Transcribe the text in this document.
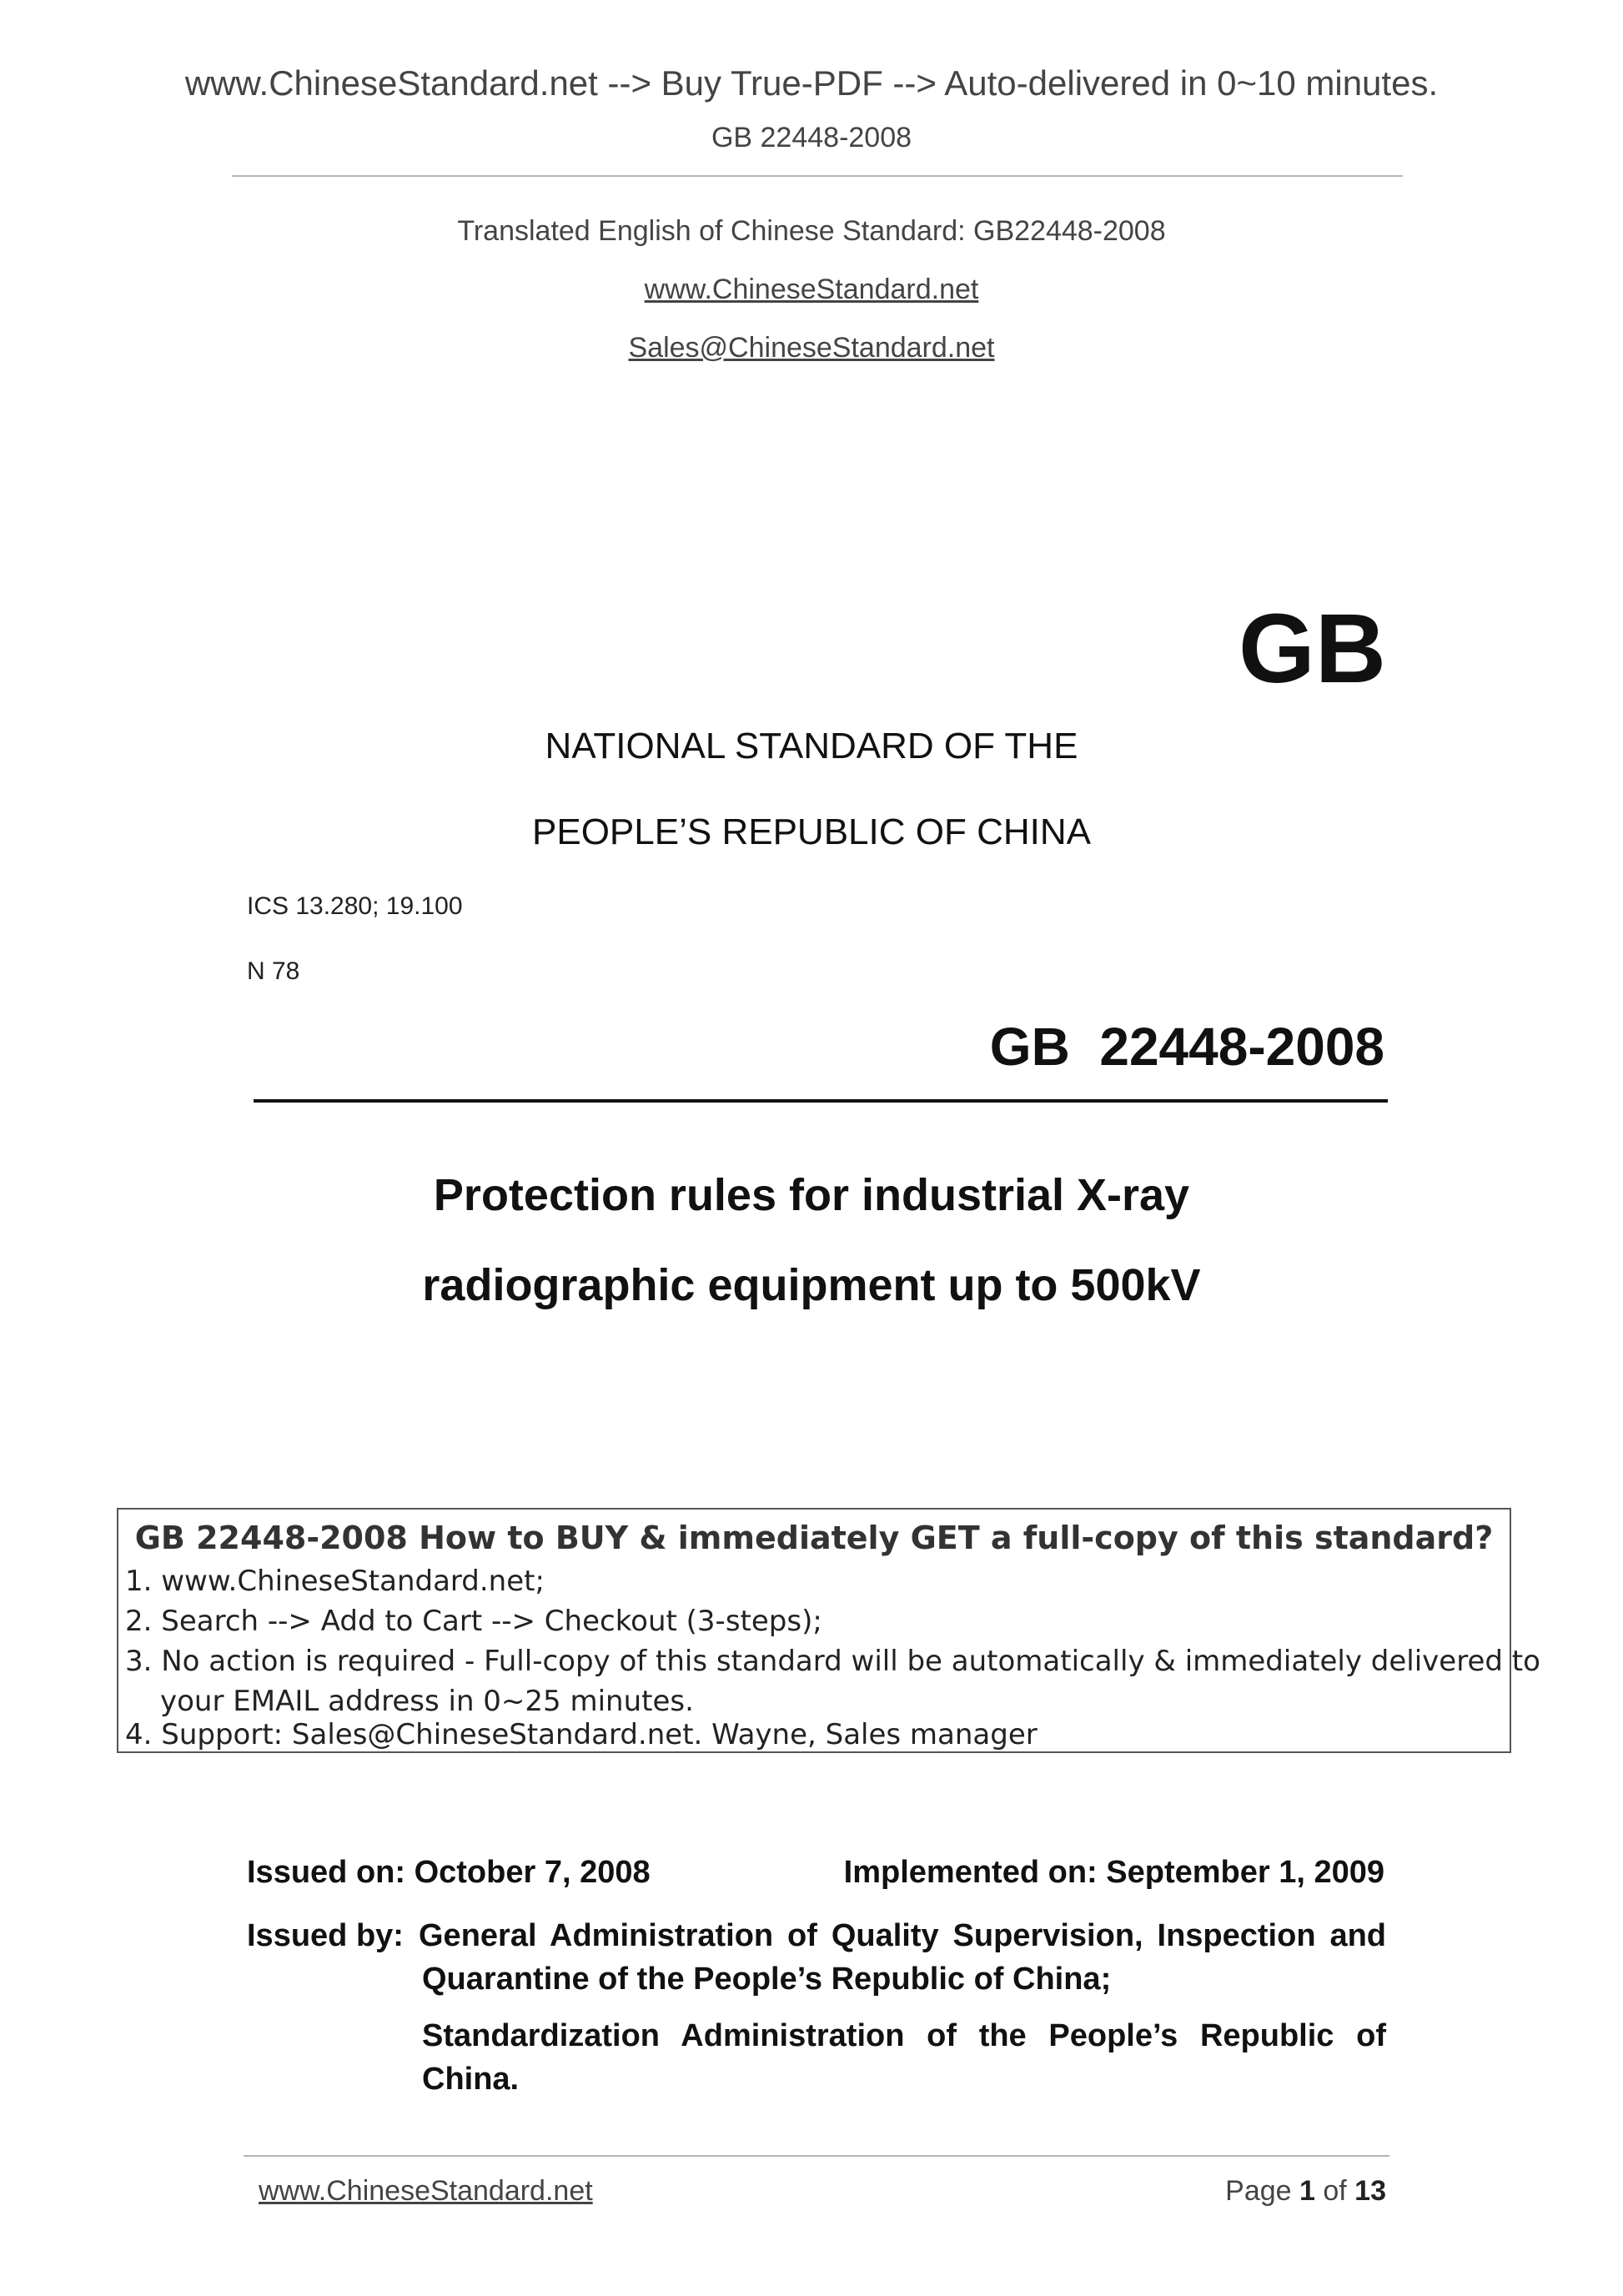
www.ChineseStandard.net --> Buy True-PDF --> Auto-delivered in 0~10 minutes.
GB 22448-2008
Translated English of Chinese Standard: GB22448-2008
www.ChineseStandard.net
Sales@ChineseStandard.net
GB
NATIONAL STANDARD OF THE
PEOPLE’S REPUBLIC OF CHINA
ICS 13.280; 19.100
N 78
GB  22448-2008
Protection rules for industrial X-ray
radiographic equipment up to 500kV
GB 22448-2008 How to BUY & immediately GET a full-copy of this standard?
1. www.ChineseStandard.net;
2. Search --> Add to Cart --> Checkout (3-steps);
3. No action is required - Full-copy of this standard will be automatically & immediately delivered to
your EMAIL address in 0~25 minutes.
4. Support: Sales@ChineseStandard.net. Wayne, Sales manager
Issued on: October 7, 2008	Implemented on: September 1, 2009
Issued by: General Administration of Quality Supervision, Inspection and
Quarantine of the People’s Republic of China;
Standardization Administration of the People’s Republic of
China.
www.ChineseStandard.net	Page 1 of 13
